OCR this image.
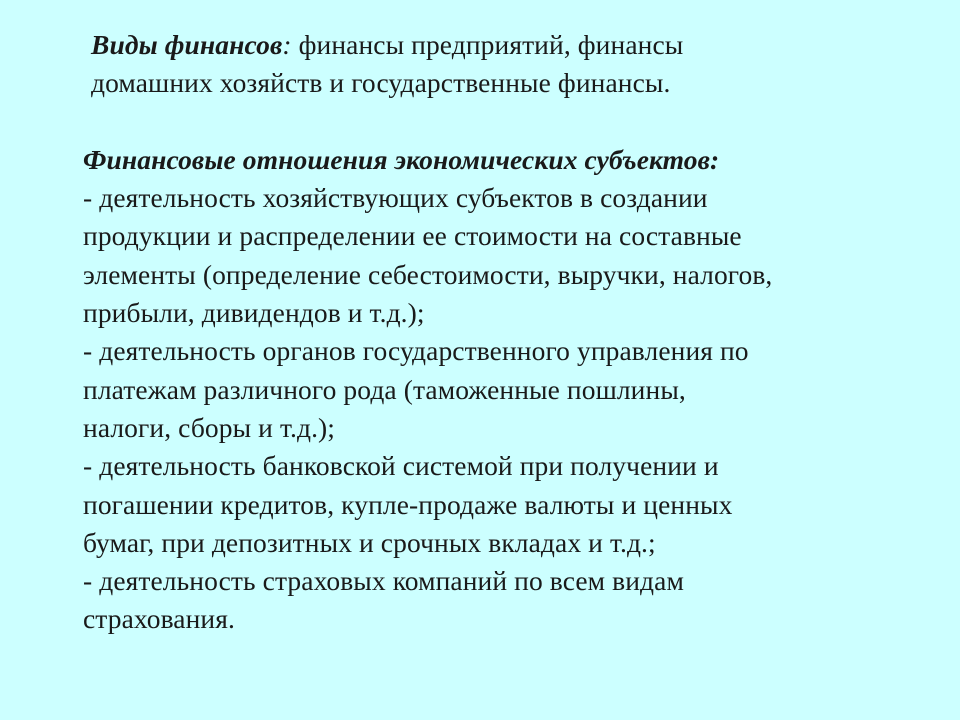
Виды финансов: финансы предприятий, финансы
домашних хозяйств и государственные финансы.

Финансовые отношения экономических субъектов:

- деятельность хозяйствующих субъектов в создании
продукции и распределении ее стоимости на составные
элементы (определение себестоимости, выручки, налогов,
прибыли, дивидендов и т.д.);
- деятельность органов государственного управления по
платежам различного рода (таможенные пошлины,
налоги, сборы и т.д.);
- деятельность банковской системой при получении и
погашении кредитов, купле-продаже валюты и ценных
бумаг, при депозитных и срочных вкладах и т.д.;
- деятельность страховых компаний по всем видам
страхования.
